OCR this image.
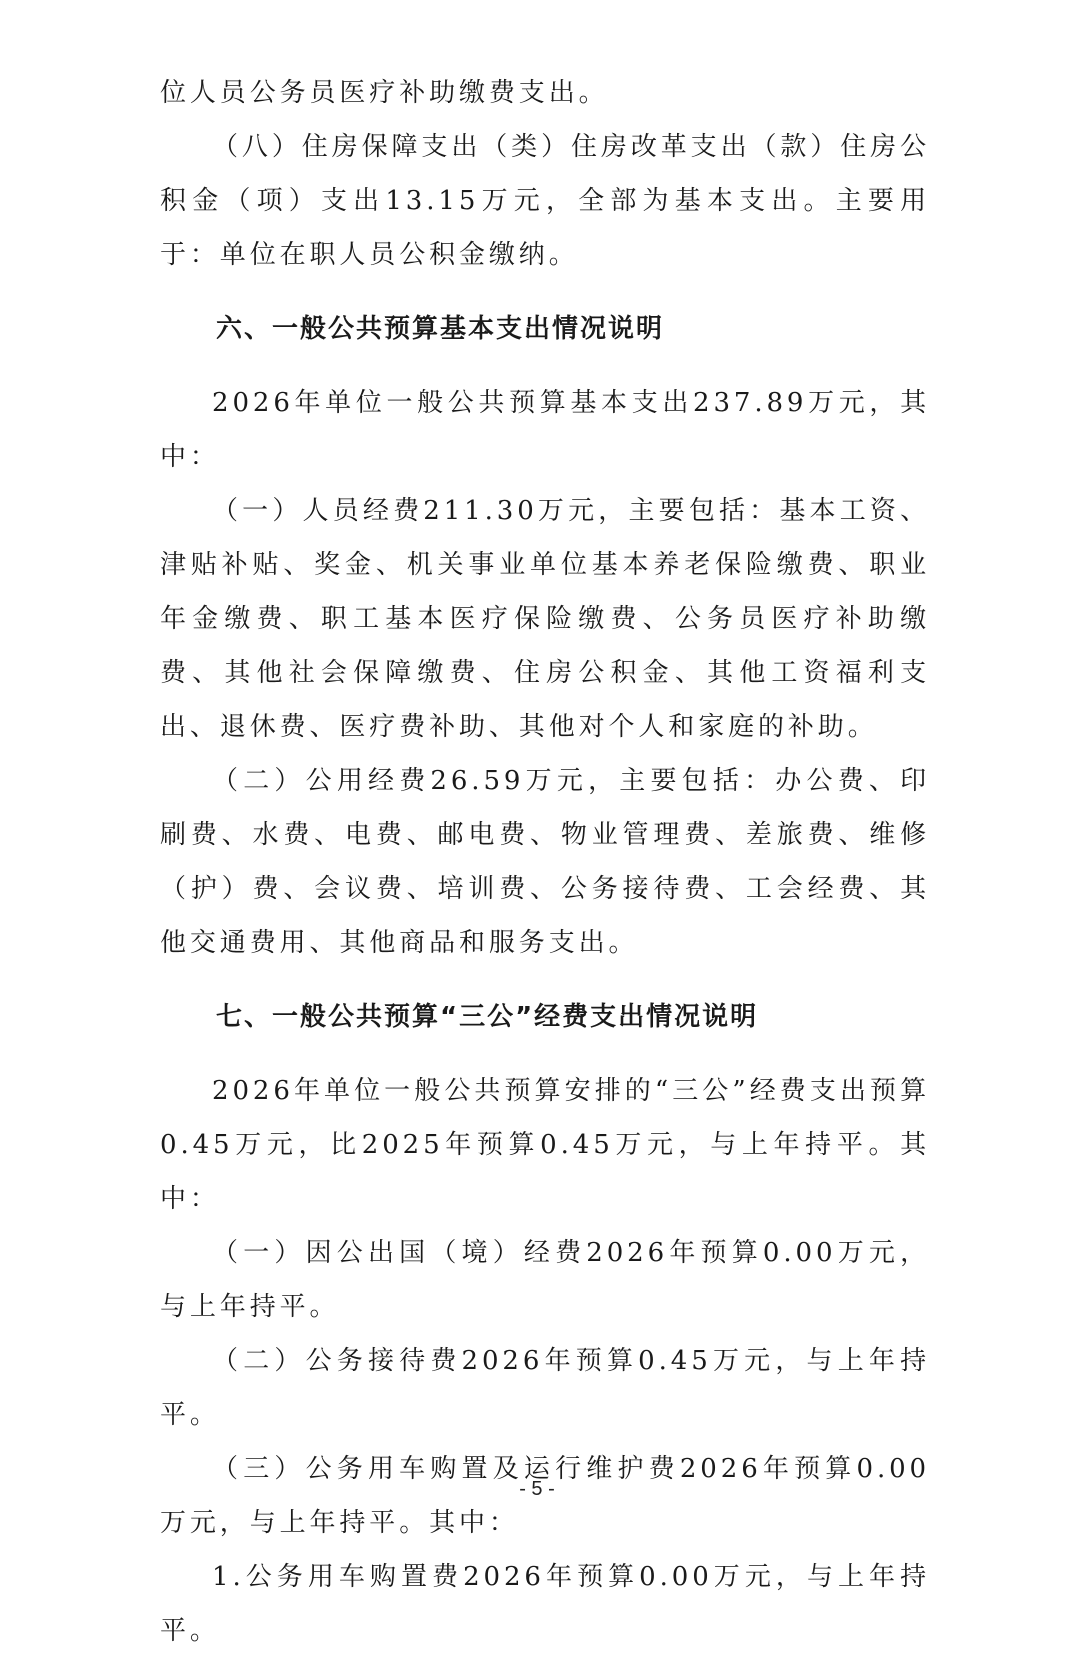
位人员公务员医疗补助缴费支出。

（八）住房保障支出（类）住房改革支出（款）住房公积金（项）支出13.15万元，全部为基本支出。主要用于：单位在职人员公积金缴纳。

六、一般公共预算基本支出情况说明

2026年单位一般公共预算基本支出237.89万元，其中：

（一）人员经费211.30万元，主要包括：基本工资、津贴补贴、奖金、机关事业单位基本养老保险缴费、职业年金缴费、职工基本医疗保险缴费、公务员医疗补助缴费、其他社会保障缴费、住房公积金、其他工资福利支出、退休费、医疗费补助、其他对个人和家庭的补助。

（二）公用经费26.59万元，主要包括：办公费、印刷费、水费、电费、邮电费、物业管理费、差旅费、维修（护）费、会议费、培训费、公务接待费、工会经费、其他交通费用、其他商品和服务支出。

七、一般公共预算“三公”经费支出情况说明

2026年单位一般公共预算安排的“三公”经费支出预算0.45万元，比2025年预算0.45万元，与上年持平。其中：

（一）因公出国（境）经费2026年预算0.00万元，与上年持平。

（二）公务接待费2026年预算0.45万元，与上年持平。

（三）公务用车购置及运行维护费2026年预算0.00万元，与上年持平。其中：

1.公务用车购置费2026年预算0.00万元，与上年持平。

- 5 -
